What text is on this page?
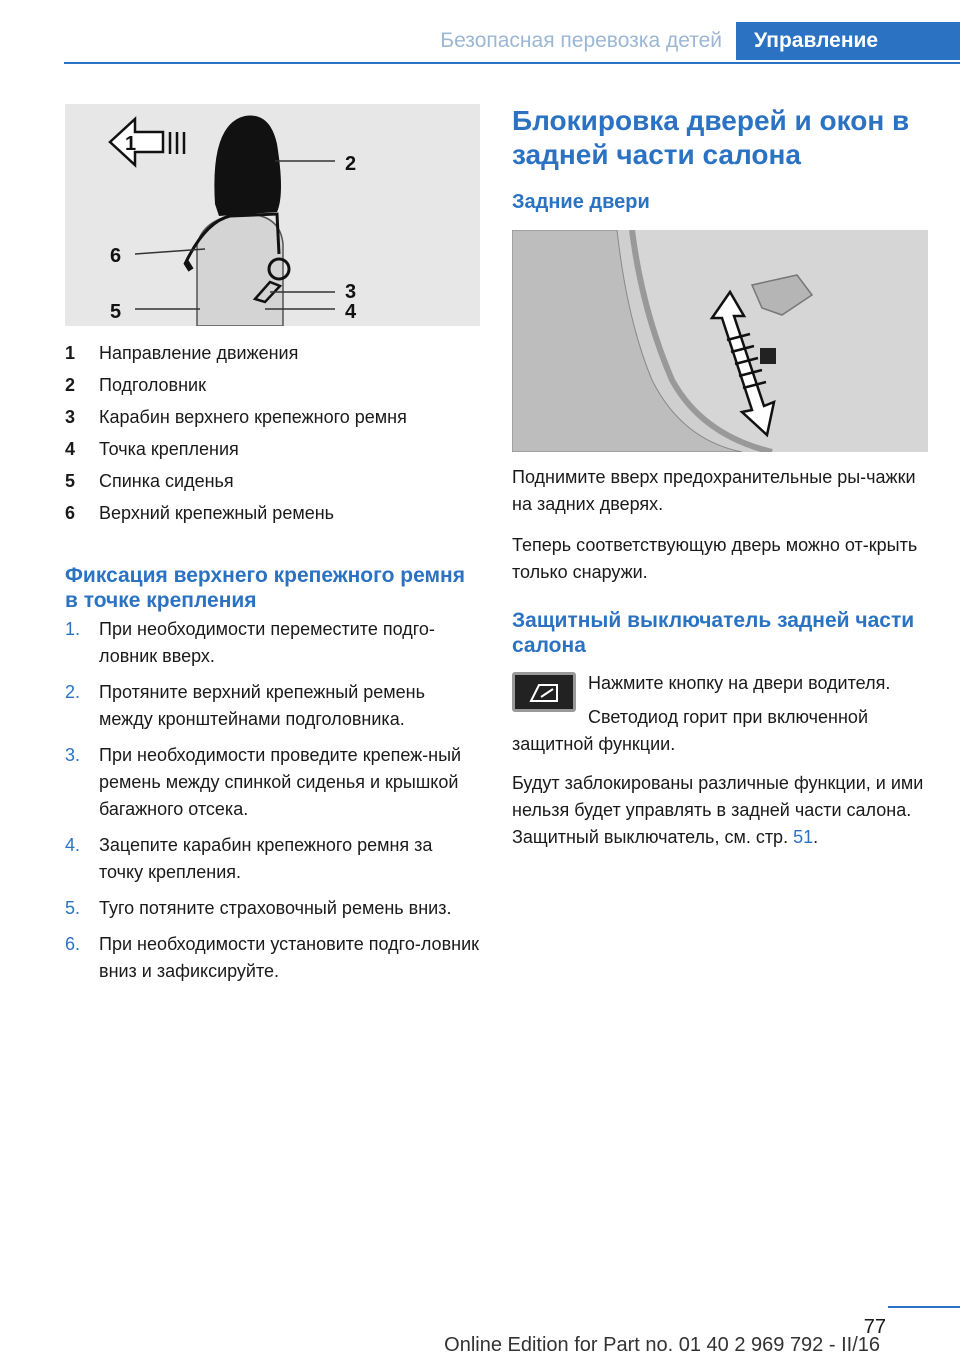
Безопасная перевозка детей	Управление
1
2
3
4
5
6
1	Направление движения
2	Подголовник
3	Карабин верхнего крепежного ремня
4	Точка крепления
5	Спинка сиденья
6	Верхний крепежный ремень
Фиксация верхнего крепежного ремня в точке крепления
1.	При необходимости переместите подго-ловник вверх.
2.	Протяните верхний крепежный ремень между кронштейнами подголовника.
3.	При необходимости проведите крепеж-ный ремень между спинкой сиденья и крышкой багажного отсека.
4.	Зацепите карабин крепежного ремня за точку крепления.
5.	Туго потяните страховочный ремень вниз.
6.	При необходимости установите подго-ловник вниз и зафиксируйте.
Блокировка дверей и окон в задней части салона
Задние двери

Поднимите вверх предохранительные ры-чажки на задних дверях.

Теперь соответствующую дверь можно от-крыть только снаружи.

Защитный выключатель задней части салона

Нажмите кнопку на двери водителя.

Светодиод горит при включенной

защитной функции.

Будут заблокированы различные функции, и ими нельзя будет управлять в задней части салона. Защитный выключатель, см. стр. 51.

77
Online Edition for Part no. 01 40 2 969 792 - II/16
